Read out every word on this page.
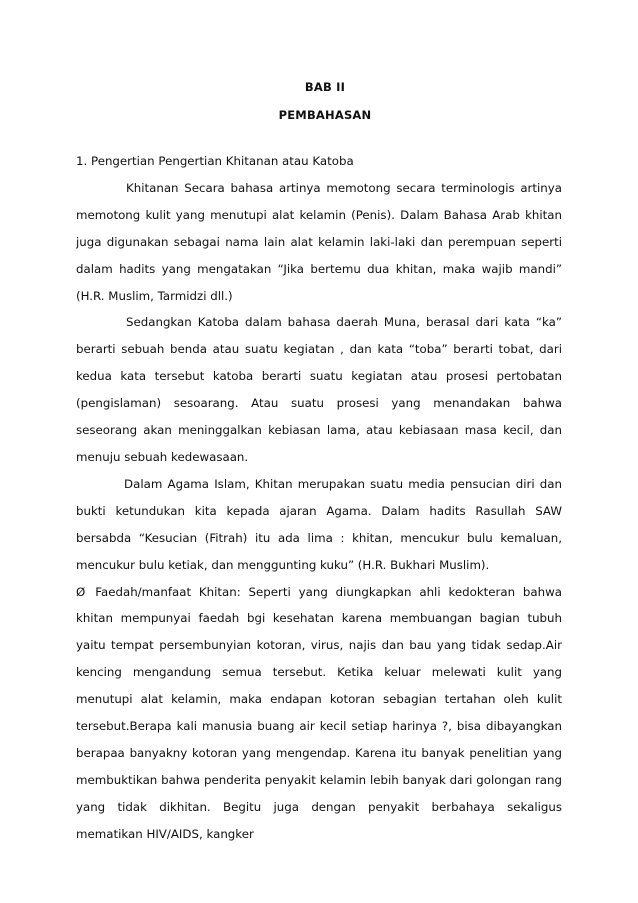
BAB II
PEMBAHASAN

1. Pengertian Pengertian Khitanan atau Katoba

Khitanan Secara bahasa artinya memotong secara terminologis artinya memotong kulit yang menutupi alat kelamin (Penis). Dalam Bahasa Arab khitan juga digunakan sebagai nama lain alat kelamin laki-laki dan perempuan seperti dalam hadits yang mengatakan “Jika bertemu dua khitan, maka wajib mandi” (H.R. Muslim, Tarmidzi dll.)

Sedangkan Katoba dalam bahasa daerah Muna, berasal dari kata “ka” berarti sebuah benda atau suatu kegiatan , dan kata “toba” berarti tobat, dari kedua kata tersebut katoba berarti suatu kegiatan atau prosesi pertobatan (pengislaman) sesoarang. Atau suatu prosesi yang menandakan bahwa seseorang akan meninggalkan kebiasan lama, atau kebiasaan masa kecil, dan menuju sebuah kedewasaan.

Dalam Agama Islam, Khitan merupakan suatu media pensucian diri dan bukti ketundukan kita kepada ajaran Agama. Dalam hadits Rasullah SAW bersabda “Kesucian (Fitrah) itu ada lima : khitan, mencukur bulu kemaluan, mencukur bulu ketiak, dan menggunting kuku” (H.R. Bukhari Muslim).

Ø Faedah/manfaat Khitan: Seperti yang diungkapkan ahli kedokteran bahwa khitan mempunyai faedah bgi kesehatan karena membuangan bagian tubuh yaitu tempat persembunyian kotoran, virus, najis dan bau yang tidak sedap.Air kencing mengandung semua tersebut. Ketika keluar melewati kulit yang menutupi alat kelamin, maka endapan kotoran sebagian tertahan oleh kulit tersebut.Berapa kali manusia buang air kecil setiap harinya ?, bisa dibayangkan berapaa banyakny kotoran yang mengendap. Karena itu banyak penelitian yang membuktikan bahwa penderita penyakit kelamin lebih banyak dari golongan rang yang tidak dikhitan. Begitu juga dengan penyakit berbahaya sekaligus mematikan HIV/AIDS, kangker
